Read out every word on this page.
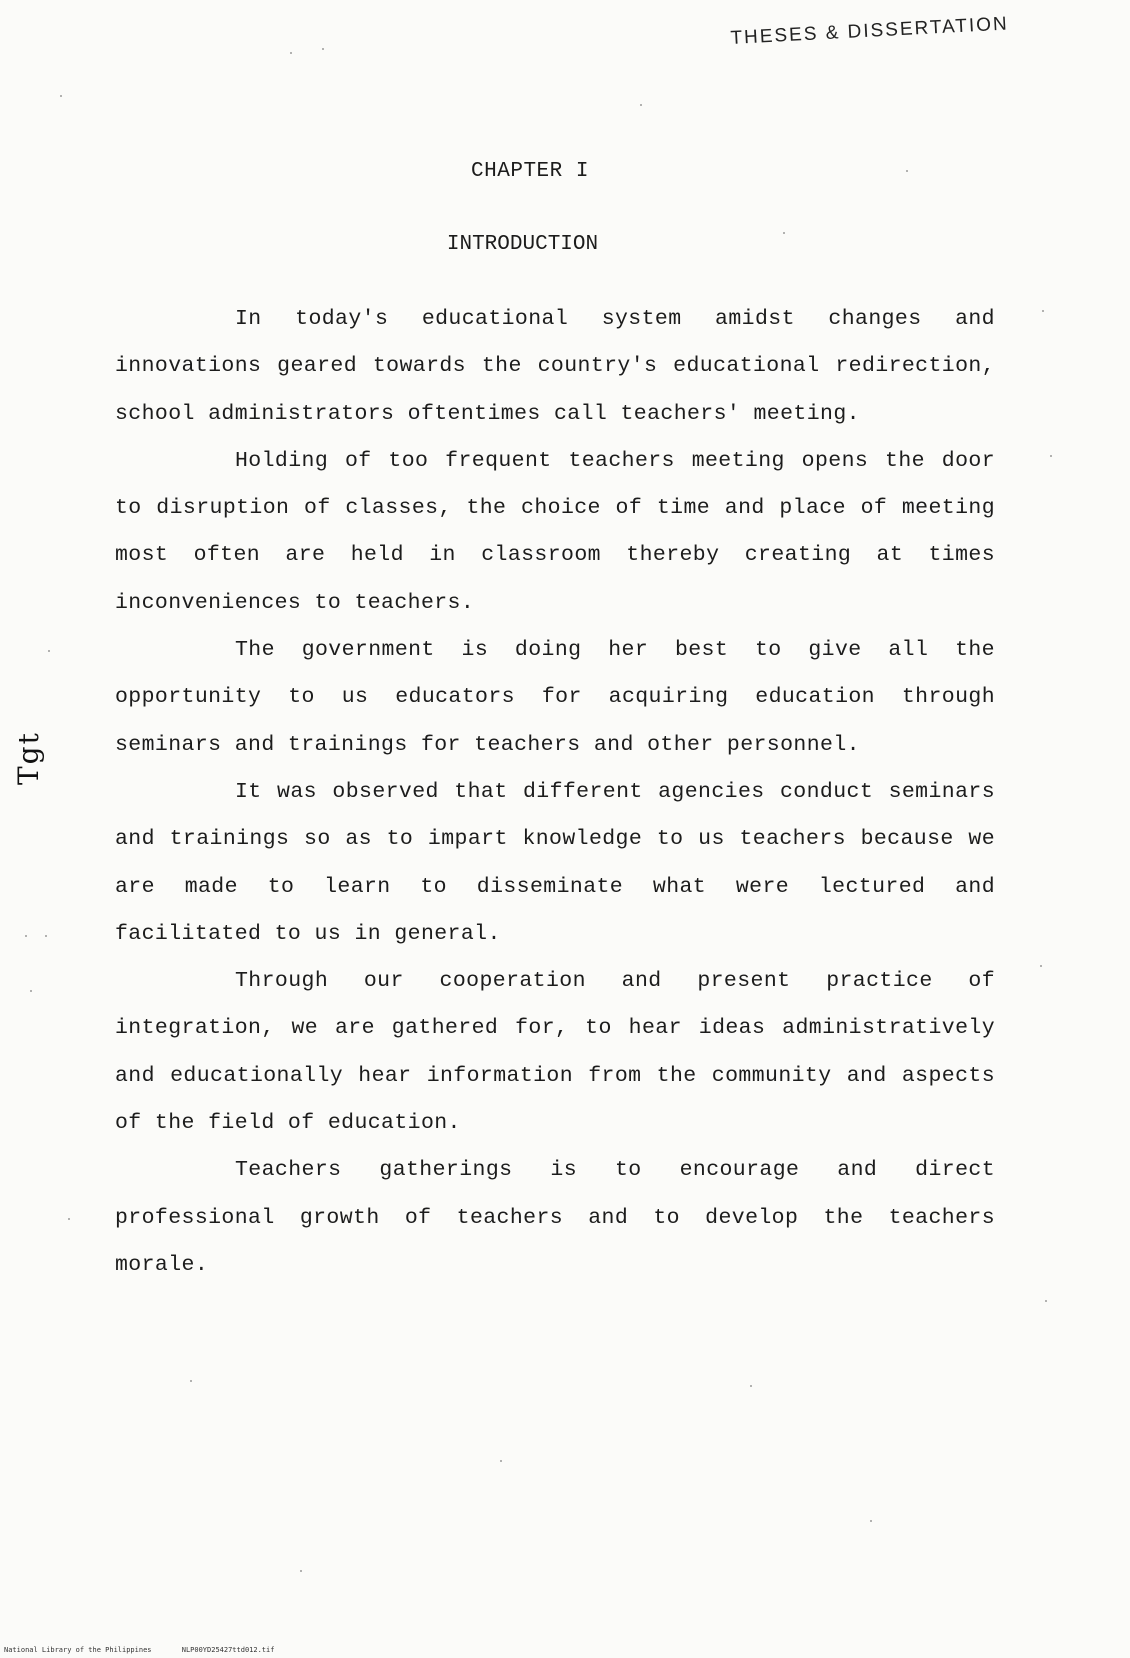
THESES & DISSERTATION
CHAPTER I
INTRODUCTION

In today's educational system amidst changes and innovations geared towards the country's educational redirection, school administrators oftentimes call teachers' meeting.

Holding of too frequent teachers meeting opens the door to disruption of classes, the choice of time and place of meeting most often are held in classroom thereby creating at times inconveniences to teachers.

The government is doing her best to give all the opportunity to us educators for acquiring education through seminars and trainings for teachers and other personnel.

It was observed that different agencies conduct seminars and trainings so as to impart knowledge to us teachers because we are made to learn to disseminate what were lectured and facilitated to us in general.

Through our cooperation and present practice of integration, we are gathered for, to hear ideas administratively and educationally hear information from the community and aspects of the field of education.

Teachers gatherings is to encourage and direct professional growth of teachers and to develop the teachers morale.

Tgt
National Library of the Philippines	NLP00YD25427ttd012.tif
